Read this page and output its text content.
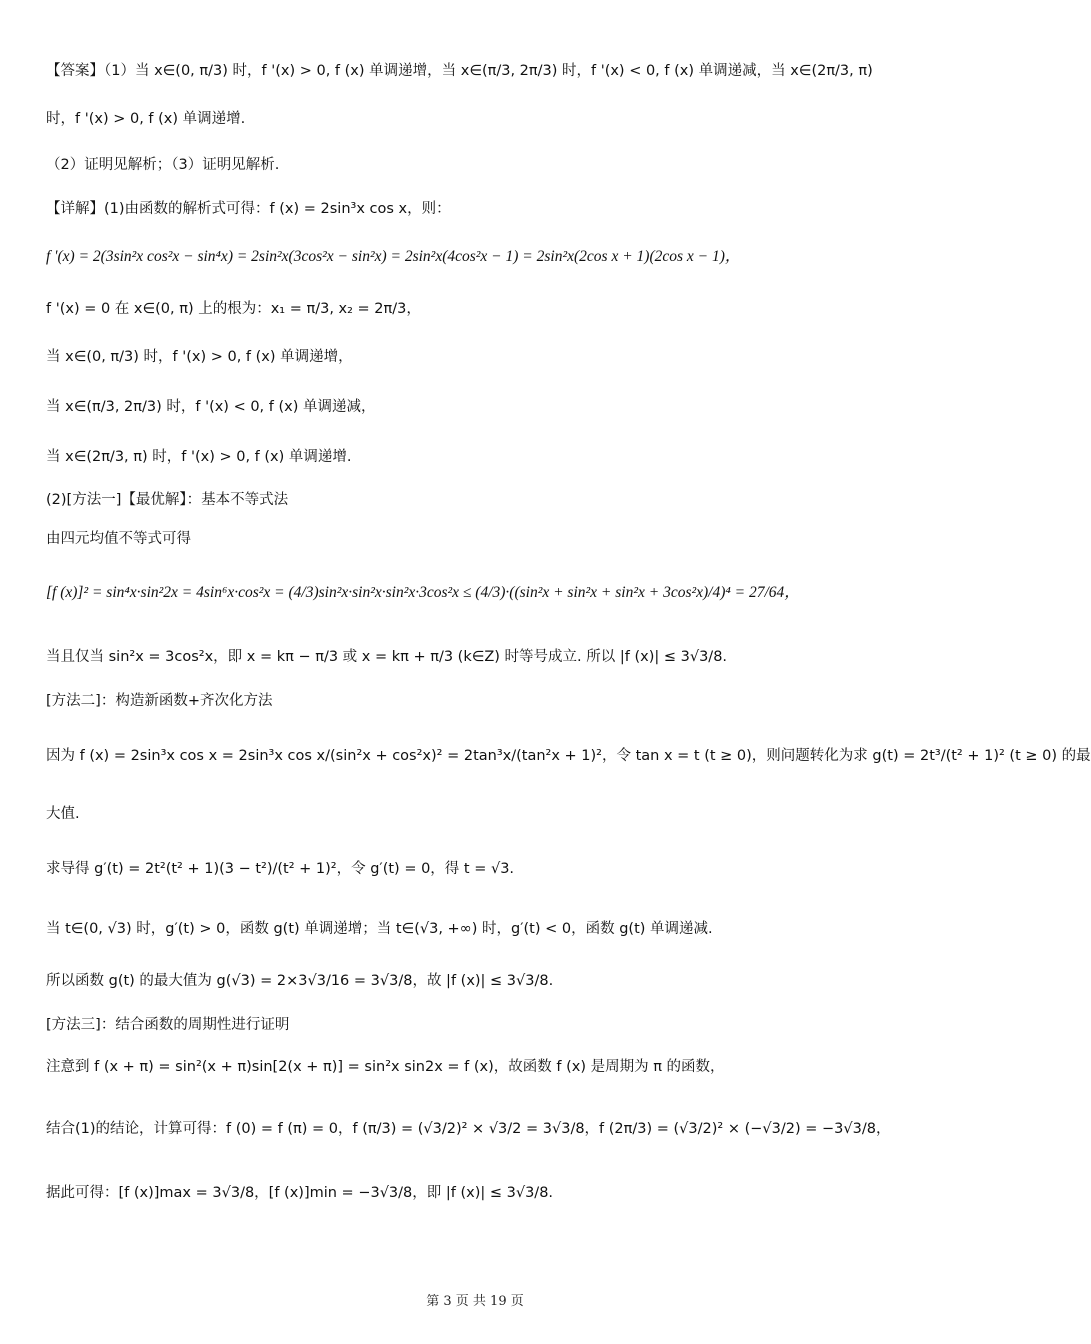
【答案】（1）当 x∈(0, π/3) 时，f '(x) > 0, f (x) 单调递增，当 x∈(π/3, 2π/3) 时，f '(x) < 0, f (x) 单调递减，当 x∈(2π/3, π)
时，f '(x) > 0, f (x) 单调递增.
（2）证明见解析；（3）证明见解析.
【详解】(1)由函数的解析式可得：f (x) = 2sin³x cos x，则：
f '(x) = 2(3sin²x cos²x − sin⁴x) = 2sin²x(3cos²x − sin²x) = 2sin²x(4cos²x − 1) = 2sin²x(2cos x + 1)(2cos x − 1)，
f '(x) = 0 在 x∈(0, π) 上的根为：x₁ = π/3, x₂ = 2π/3，
当 x∈(0, π/3) 时，f '(x) > 0, f (x) 单调递增，
当 x∈(π/3, 2π/3) 时，f '(x) < 0, f (x) 单调递减，
当 x∈(2π/3, π) 时，f '(x) > 0, f (x) 单调递增.
(2)[方法一]【最优解】：基本不等式法
由四元均值不等式可得
[f (x)]² = sin⁴x·sin²2x = 4sin⁶x·cos²x = (4/3)sin²x·sin²x·sin²x·3cos²x ≤ (4/3)·((sin²x + sin²x + sin²x + 3cos²x)/4)⁴ = 27/64，
当且仅当 sin²x = 3cos²x，即 x = kπ − π/3 或 x = kπ + π/3 (k∈Z) 时等号成立. 所以 |f (x)| ≤ 3√3/8.
[方法二]：构造新函数+齐次化方法
因为 f (x) = 2sin³x cos x = 2sin³x cos x/(sin²x + cos²x)² = 2tan³x/(tan²x + 1)²，令 tan x = t (t ≥ 0)，则问题转化为求 g(t) = 2t³/(t² + 1)² (t ≥ 0) 的最
大值.
求导得 g′(t) = 2t²(t² + 1)(3 − t²)/(t² + 1)²，令 g′(t) = 0，得 t = √3.
当 t∈(0, √3) 时，g′(t) > 0，函数 g(t) 单调递增；当 t∈(√3, +∞) 时，g′(t) < 0，函数 g(t) 单调递减.
所以函数 g(t) 的最大值为 g(√3) = 2×3√3/16 = 3√3/8，故 |f (x)| ≤ 3√3/8.
[方法三]：结合函数的周期性进行证明
注意到 f (x + π) = sin²(x + π)sin[2(x + π)] = sin²x sin2x = f (x)，故函数 f (x) 是周期为 π 的函数，
结合(1)的结论，计算可得：f (0) = f (π) = 0，f (π/3) = (√3/2)² × √3/2 = 3√3/8，f (2π/3) = (√3/2)² × (−√3/2) = −3√3/8，
据此可得：[f (x)]max = 3√3/8，[f (x)]min = −3√3/8，即 |f (x)| ≤ 3√3/8.
第 3 页 共 19 页
